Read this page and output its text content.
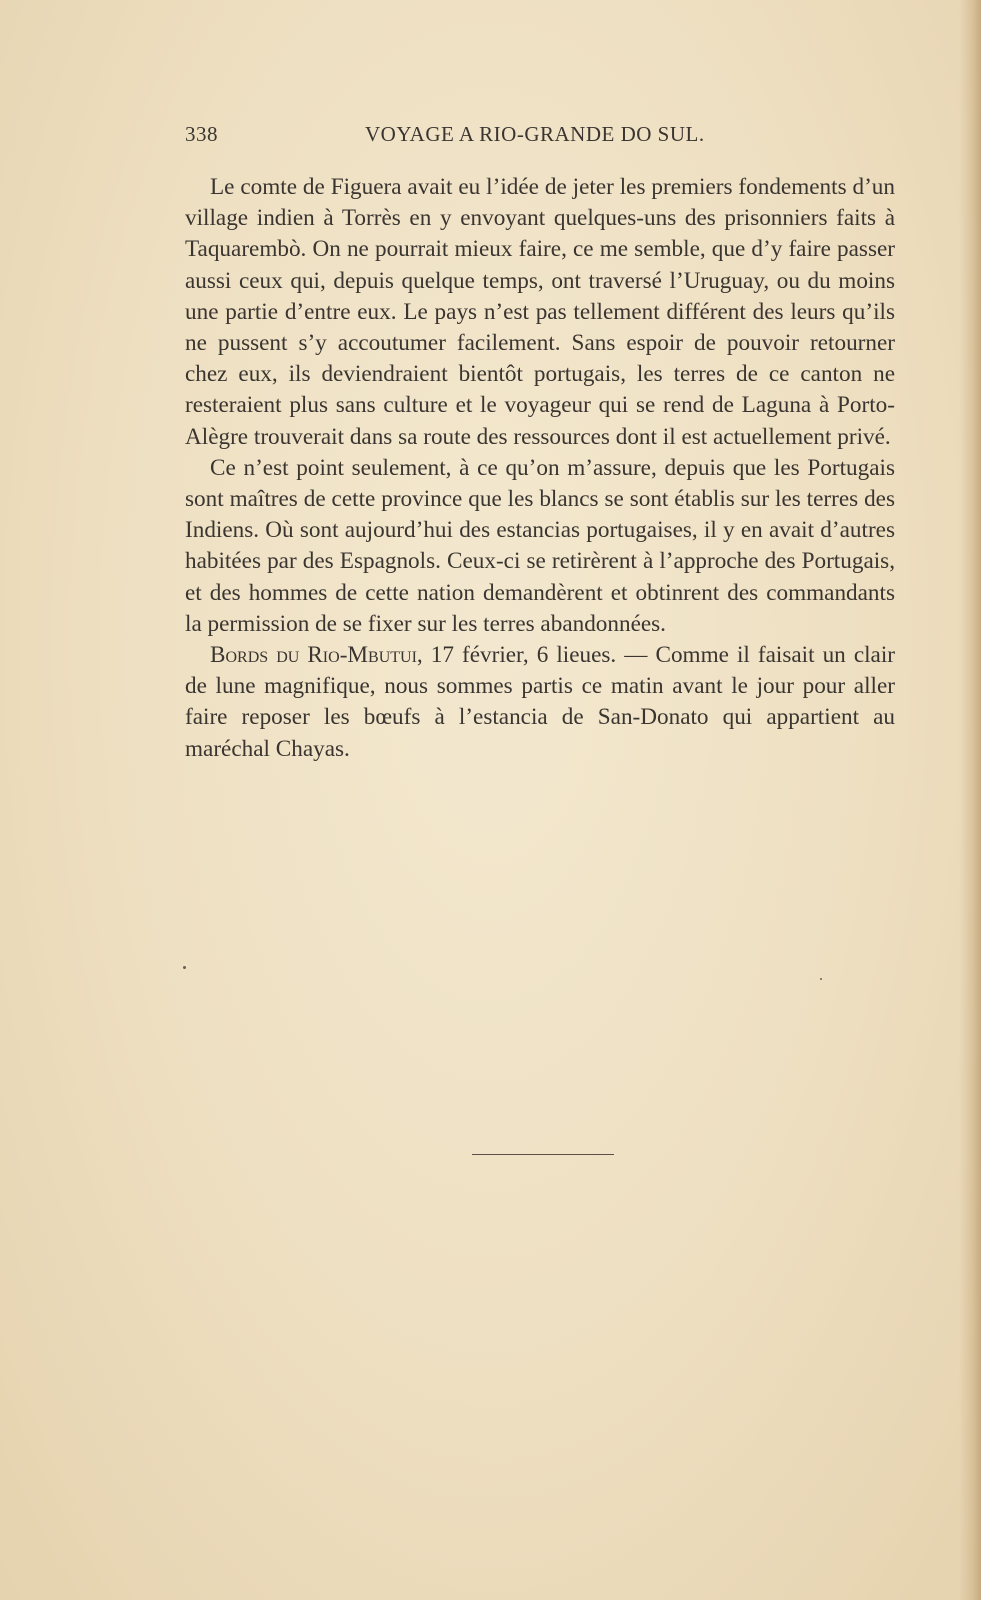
338	VOYAGE A RIO-GRANDE DO SUL.

Le comte de Figuera avait eu l’idée de jeter les premiers fondements d’un village indien à Torrès en y envoyant quelques-uns des prisonniers faits à Taquarembò. On ne pourrait mieux faire, ce me semble, que d’y faire passer aussi ceux qui, depuis quelque temps, ont traversé l’Uruguay, ou du moins une partie d’entre eux. Le pays n’est pas tellement différent des leurs qu’ils ne pussent s’y accoutumer facilement. Sans espoir de pouvoir retourner chez eux, ils deviendraient bientôt portugais, les terres de ce canton ne resteraient plus sans culture et le voyageur qui se rend de Laguna à Porto-Alègre trouverait dans sa route des ressources dont il est actuellement privé.

Ce n’est point seulement, à ce qu’on m’assure, depuis que les Portugais sont maîtres de cette province que les blancs se sont établis sur les terres des Indiens. Où sont aujourd’hui des estancias portugaises, il y en avait d’autres habitées par des Espagnols. Ceux-ci se retirèrent à l’approche des Portugais, et des hommes de cette nation demandèrent et obtinrent des commandants la permission de se fixer sur les terres abandonnées.

Bords du Rio-Mbutui, 17 février, 6 lieues. — Comme il faisait un clair de lune magnifique, nous sommes partis ce matin avant le jour pour aller faire reposer les bœufs à l’estancia de San-Donato qui appartient au maréchal Chayas.
